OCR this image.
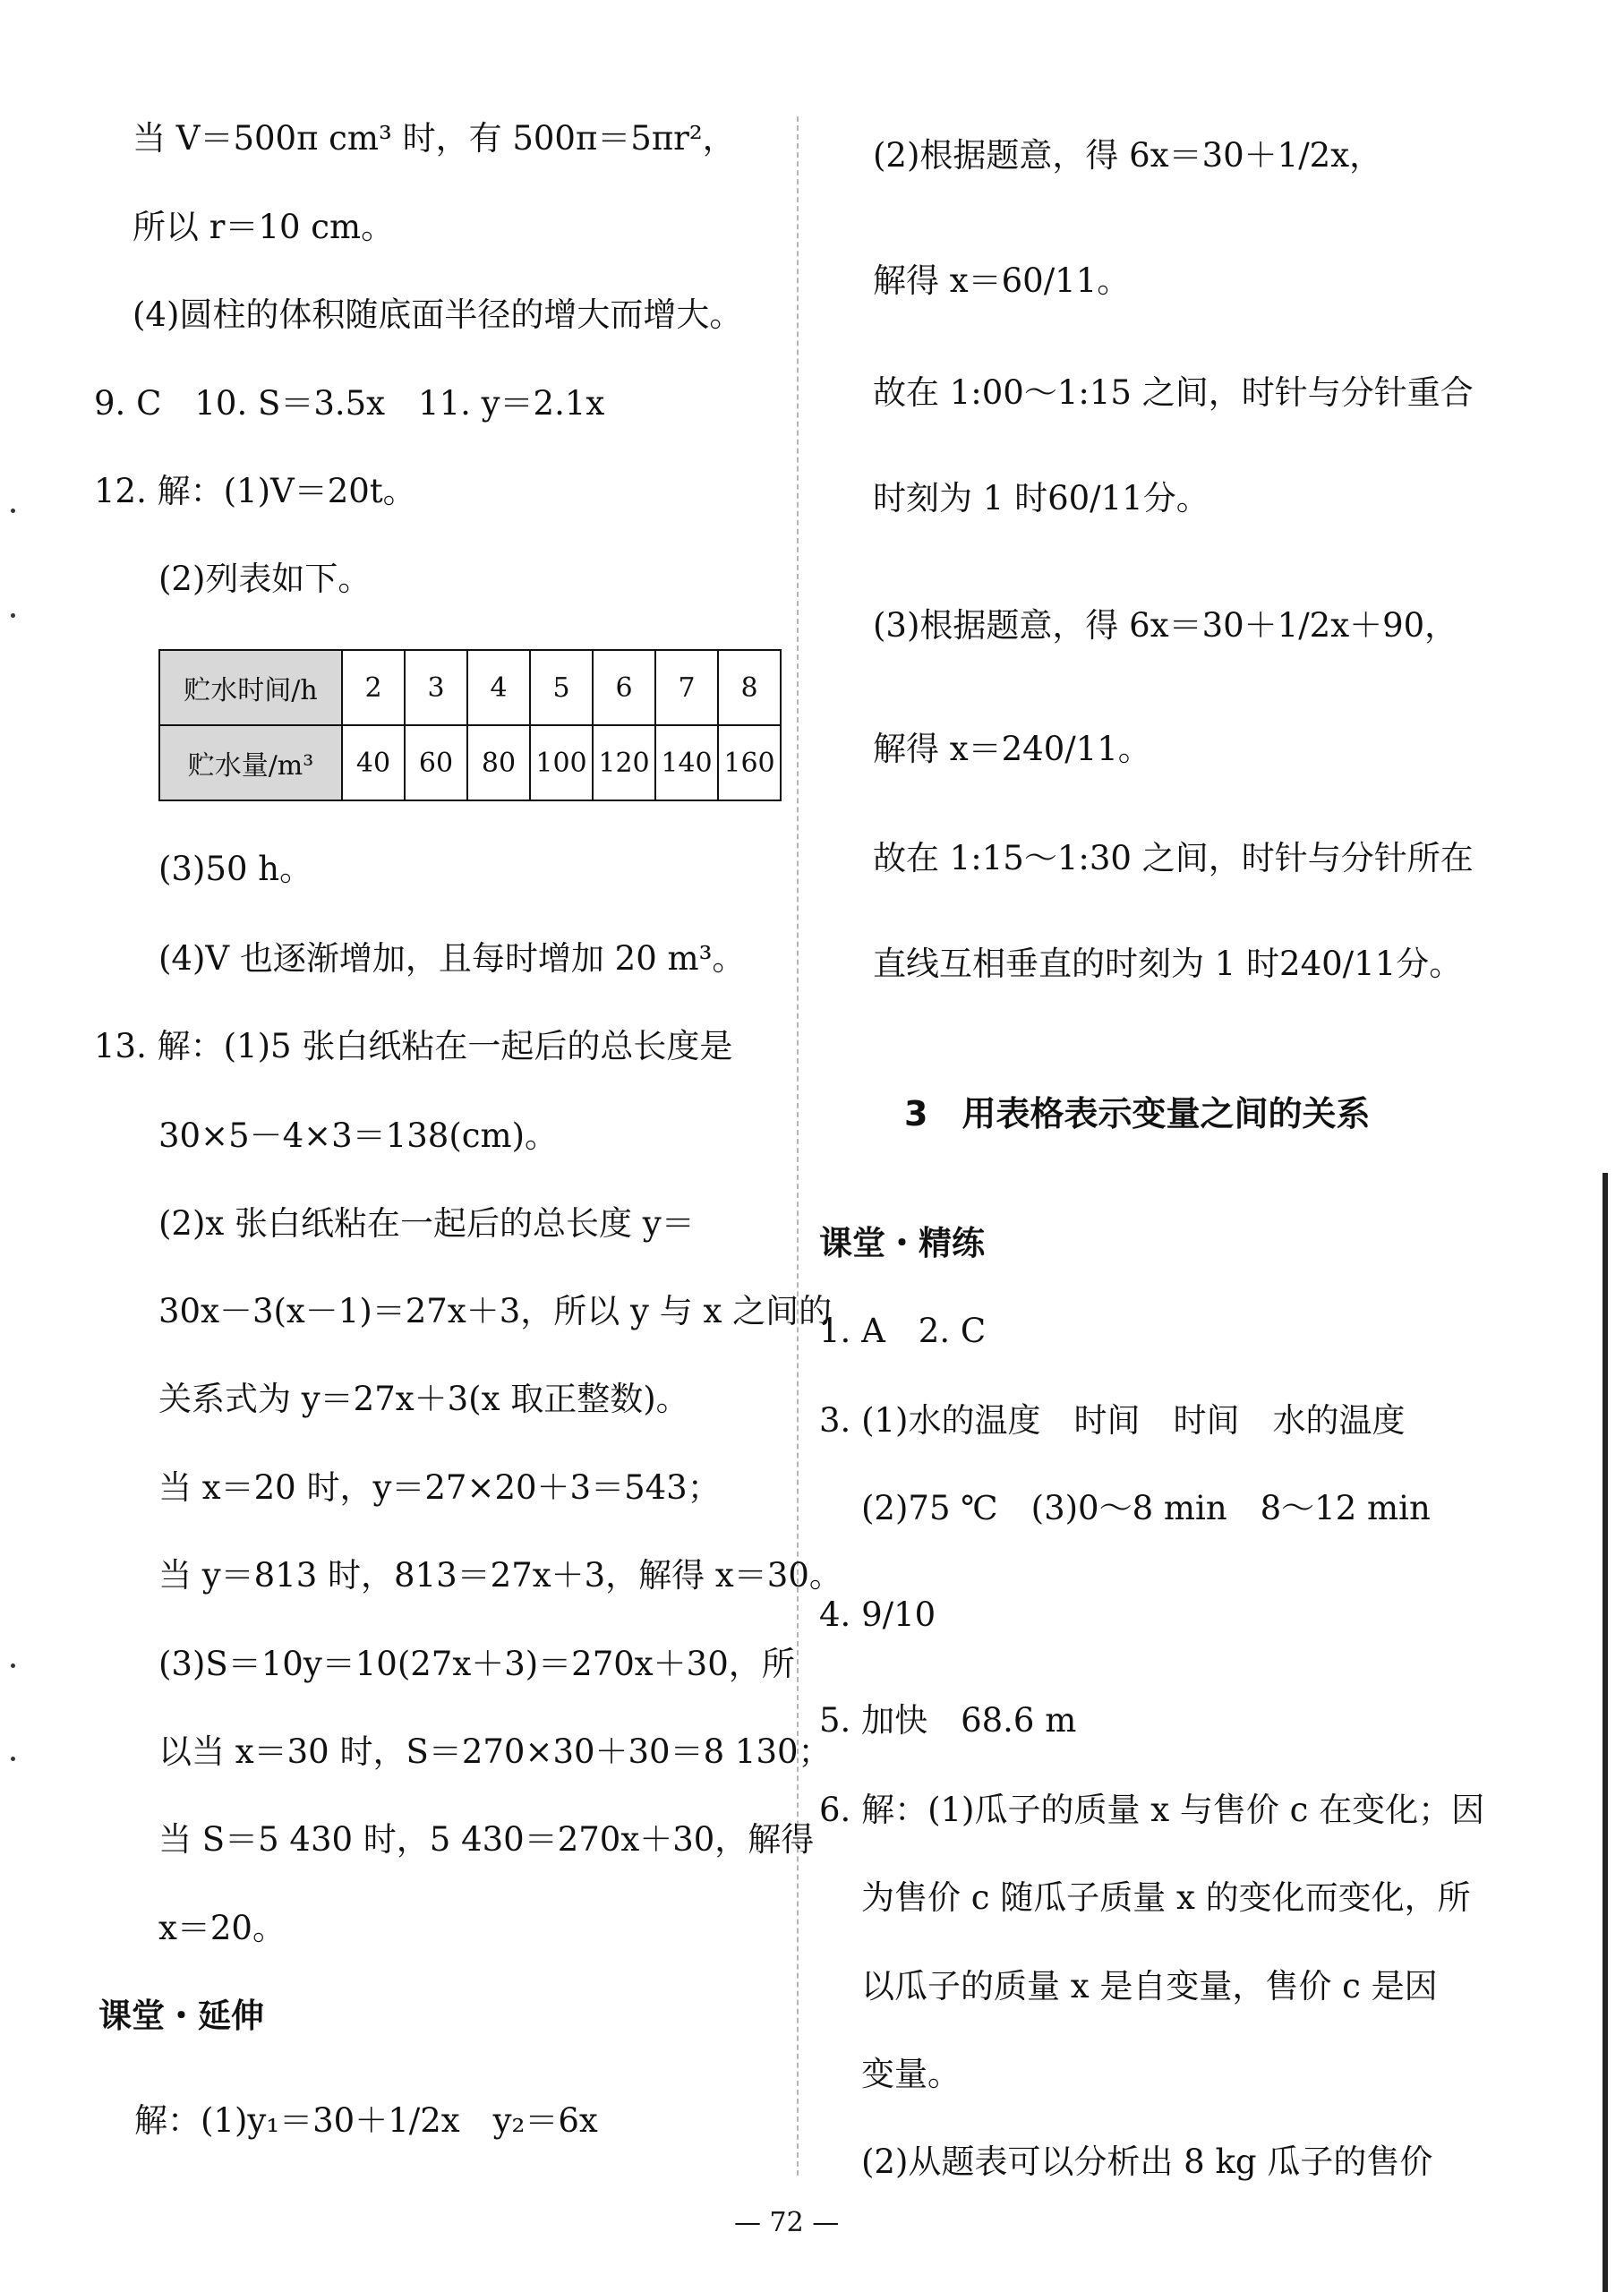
当 V＝500π cm³ 时，有 500π＝5πr²，
所以 r＝10 cm。
(4)圆柱的体积随底面半径的增大而增大。
9. C　10. S＝3.5x　11. y＝2.1x
12. 解：(1)V＝20t。
(2)列表如下。
贮水时间/h	2	3	4	5	6	7	8
贮水量/m³	40	60	80	100	120	140	160
(3)50 h。
(4)V 也逐渐增加，且每时增加 20 m³。
13. 解：(1)5 张白纸粘在一起后的总长度是
30×5－4×3＝138(cm)。
(2)x 张白纸粘在一起后的总长度 y＝
30x－3(x－1)＝27x＋3，所以 y 与 x 之间的
关系式为 y＝27x＋3(x 取正整数)。
当 x＝20 时，y＝27×20＋3＝543；
当 y＝813 时，813＝27x＋3，解得 x＝30。
(3)S＝10y＝10(27x＋3)＝270x＋30，所
以当 x＝30 时，S＝270×30＋30＝8 130；
当 S＝5 430 时，5 430＝270x＋30，解得
x＝20。
课堂・延伸
解：(1)y₁＝30＋1/2x　y₂＝6x
(2)根据题意，得 6x＝30＋1/2x，
解得 x＝60/11。
故在 1:00～1:15 之间，时针与分针重合
时刻为 1 时60/11分。
(3)根据题意，得 6x＝30＋1/2x＋90，
解得 x＝240/11。
故在 1:15～1:30 之间，时针与分针所在
直线互相垂直的时刻为 1 时240/11分。
3　用表格表示变量之间的关系
课堂・精练
1. A　2. C
3. (1)水的温度　时间　时间　水的温度
(2)75 ℃　(3)0～8 min　8～12 min
4. 9/10
5. 加快　68.6 m
6. 解：(1)瓜子的质量 x 与售价 c 在变化；因
为售价 c 随瓜子质量 x 的变化而变化，所
以瓜子的质量 x 是自变量，售价 c 是因
变量。
(2)从题表可以分析出 8 kg 瓜子的售价
— 72 —
